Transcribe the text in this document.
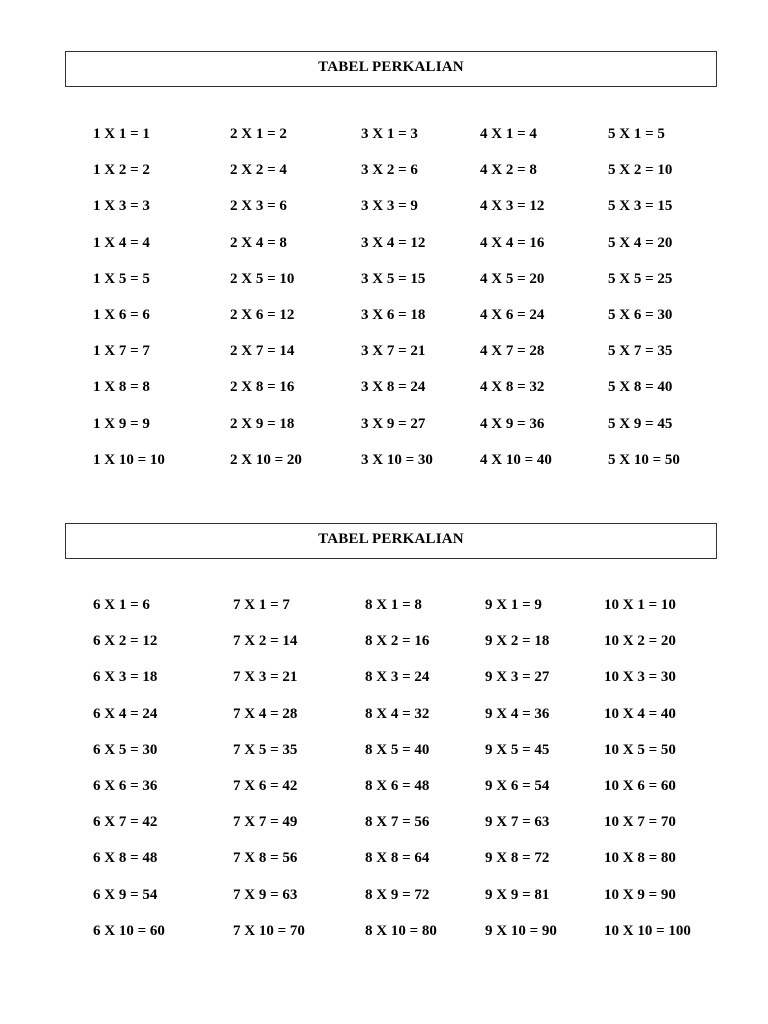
TABEL PERKALIAN
1 X 1 = 1
1 X 2 = 2
1 X 3 = 3
1 X 4 = 4
1 X 5 = 5
1 X 6 = 6
1 X 7 = 7
1 X 8 = 8
1 X 9 = 9
1 X 10 = 10
2 X 1 = 2
2 X 2 = 4
2 X 3 = 6
2 X 4 = 8
2 X 5 = 10
2 X 6 = 12
2 X 7 = 14
2 X 8 = 16
2 X 9 = 18
2 X 10 = 20
3 X 1 = 3
3 X 2 = 6
3 X 3 = 9
3 X 4 = 12
3 X 5 = 15
3 X 6 = 18
3 X 7 = 21
3 X 8 = 24
3 X 9 = 27
3 X 10 = 30
4 X 1 = 4
4 X 2 = 8
4 X 3 = 12
4 X 4 = 16
4 X 5 = 20
4 X 6 = 24
4 X 7 = 28
4 X 8 = 32
4 X 9 = 36
4 X 10 = 40
5 X 1 = 5
5 X 2 = 10
5 X 3 = 15
5 X 4 = 20
5 X 5 = 25
5 X 6 = 30
5 X 7 = 35
5 X 8 = 40
5 X 9 = 45
5 X 10 = 50
TABEL PERKALIAN
6 X 1 = 6
6 X 2 = 12
6 X 3 = 18
6 X 4 = 24
6 X 5 = 30
6 X 6 = 36
6 X 7 = 42
6 X 8 = 48
6 X 9 = 54
6 X 10 = 60
7 X 1 = 7
7 X 2 = 14
7 X 3 = 21
7 X 4 = 28
7 X 5 = 35
7 X 6 = 42
7 X 7 = 49
7 X 8 = 56
7 X 9 = 63
7 X 10 = 70
8 X 1 = 8
8 X 2 = 16
8 X 3 = 24
8 X 4 = 32
8 X 5 = 40
8 X 6 = 48
8 X 7 = 56
8 X 8 = 64
8 X 9 = 72
8 X 10 = 80
9 X 1 = 9
9 X 2 = 18
9 X 3 = 27
9 X 4 = 36
9 X 5 = 45
9 X 6 = 54
9 X 7 = 63
9 X 8 = 72
9 X 9 = 81
9 X 10 = 90
10 X 1 = 10
10 X 2 = 20
10 X 3 = 30
10 X 4 = 40
10 X 5 = 50
10 X 6 = 60
10 X 7 = 70
10 X 8 = 80
10 X 9 = 90
10 X 10 = 100
